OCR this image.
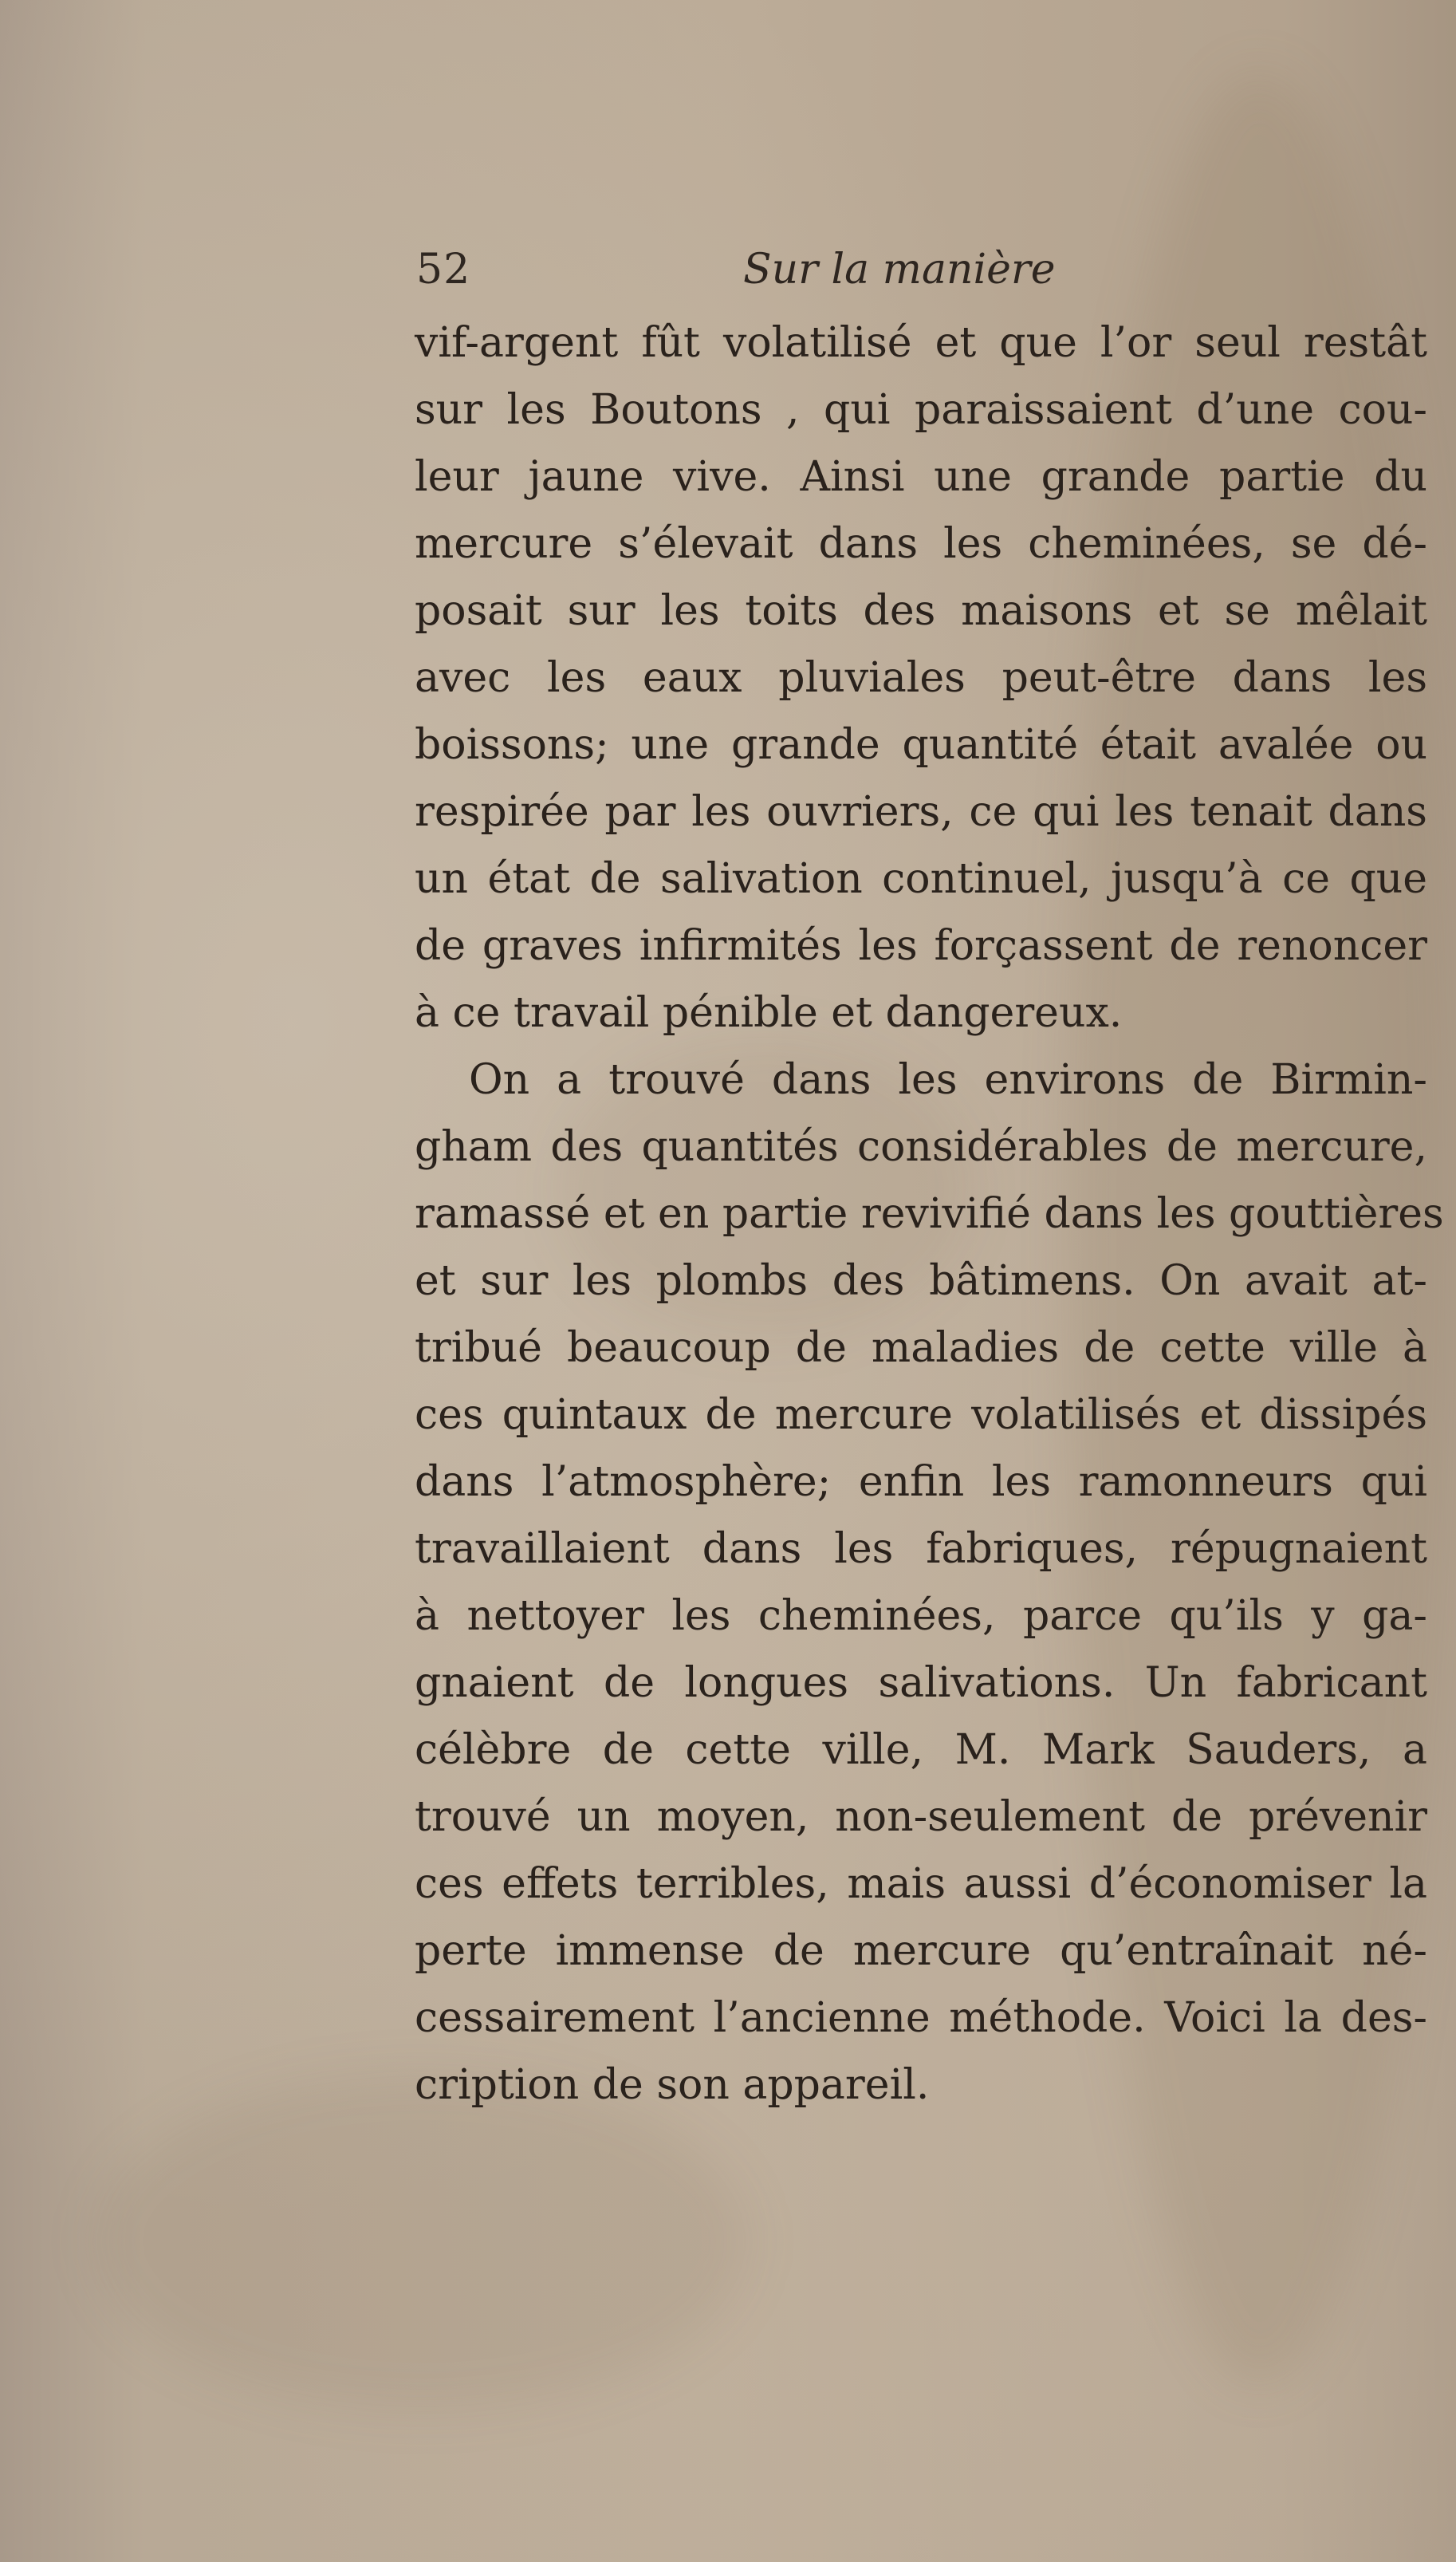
52	Sur la manière
vif-argent fût volatilisé et que l’or seul restât
sur les Boutons , qui paraissaient d’une cou-
leur jaune vive. Ainsi une grande partie du
mercure s’élevait dans les cheminées, se dé-
posait sur les toits des maisons et se mêlait
avec les eaux pluviales peut-être dans les
boissons; une grande quantité était avalée ou
respirée par les ouvriers, ce qui les tenait dans
un état de salivation continuel, jusqu’à ce que
de graves infirmités les forçassent de renoncer
à ce travail pénible et dangereux.
On a trouvé dans les environs de Birmin-
gham des quantités considérables de mercure,
ramassé et en partie revivifié dans les gouttières
et sur les plombs des bâtimens. On avait at-
tribué beaucoup de maladies de cette ville à
ces quintaux de mercure volatilisés et dissipés
dans l’atmosphère; enfin les ramonneurs qui
travaillaient dans les fabriques, répugnaient
à nettoyer les cheminées, parce qu’ils y ga-
gnaient de longues salivations. Un fabricant
célèbre de cette ville, M. Mark Sauders, a
trouvé un moyen, non-seulement de prévenir
ces effets terribles, mais aussi d’économiser la
perte immense de mercure qu’entraînait né-
cessairement l’ancienne méthode. Voici la des-
cription de son appareil.
